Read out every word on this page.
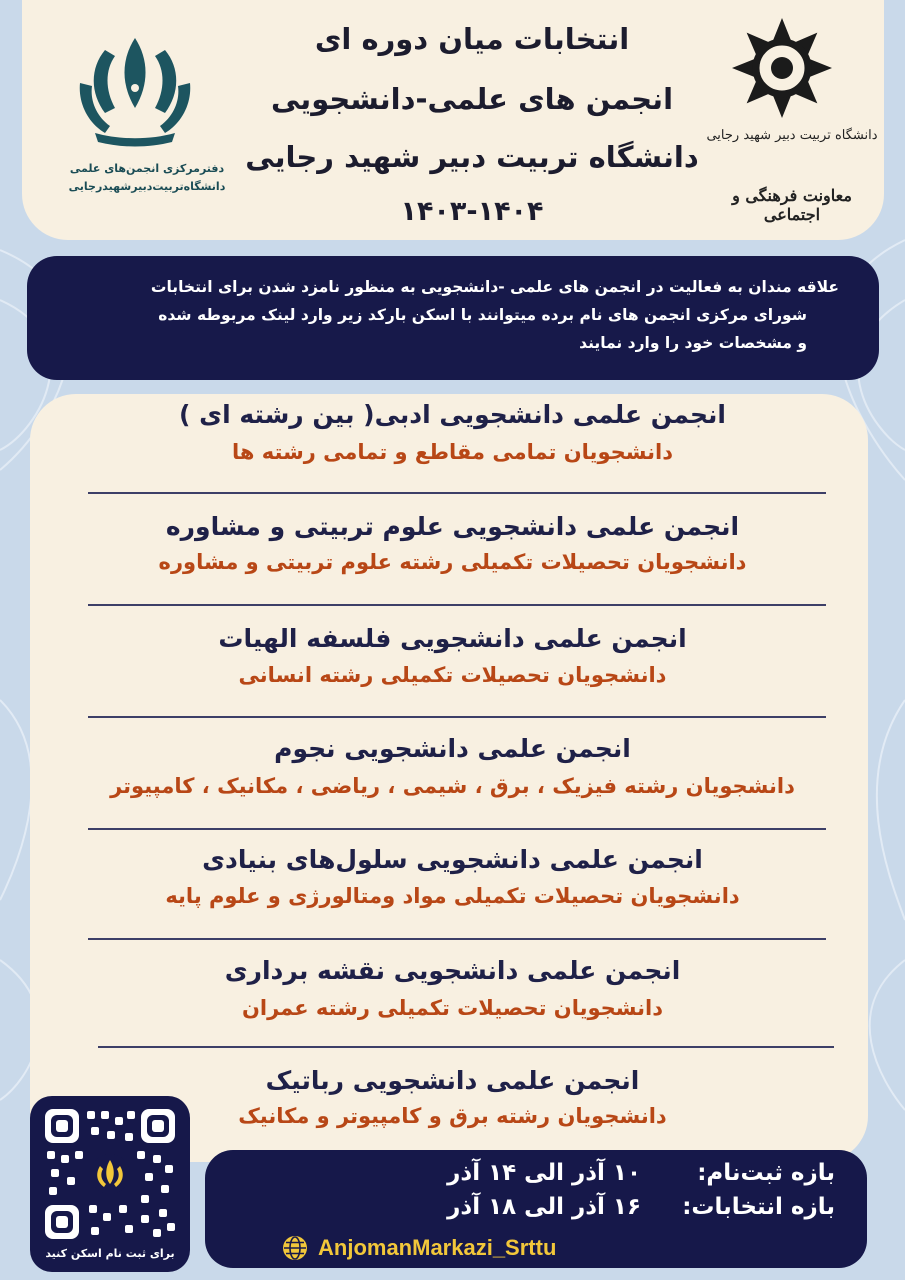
دفترمرکزی انجمن‌های علمی
دانشگاه‌تربیت‌دبیرشهیدرجایی
انتخابات میان دوره ای
انجمن های علمی-دانشجویی
دانشگاه تربیت دبیر شهید رجایی
۱۴۰۳-۱۴۰۴
دانشگاه تربیت دبیر شهید رجایی
معاونت فرهنگی و اجتماعی
علاقه مندان به فعالیت در انجمن های علمی -دانشجویی به منظور نامزد شدن برای انتخابات
شورای مرکزی انجمن های نام برده میتوانند با اسکن بارکد زیر وارد لینک مربوطه شده
و مشخصات خود را وارد نمایند
انجمن علمی دانشجویی ادبی( بین رشته ای )
دانشجویان تمامی مقاطع و تمامی رشته ها
انجمن علمی دانشجویی علوم تربیتی و مشاوره
دانشجویان تحصیلات تکمیلی رشته علوم تربیتی و مشاوره
انجمن علمی دانشجویی فلسفه الهیات
دانشجویان تحصیلات تکمیلی رشته انسانی
انجمن علمی دانشجویی نجوم
دانشجویان رشته فیزیک ، برق ، شیمی ، ریاضی ، مکانیک ، کامپیوتر
انجمن علمی دانشجویی سلول‌های بنیادی
دانشجویان تحصیلات تکمیلی مواد ومتالورژی و علوم پایه
انجمن علمی دانشجویی نقشه برداری
دانشجویان تحصیلات تکمیلی رشته عمران
انجمن علمی دانشجویی رباتیک
دانشجویان رشته برق و کامپیوتر و مکانیک
بازه ثبت‌نام:۱۰ آذر الی ۱۴ آذر
بازه انتخابات:۱۶ آذر الی ۱۸ آذر
AnjomanMarkazi_Srttu
برای ثبت نام اسکن کنید
